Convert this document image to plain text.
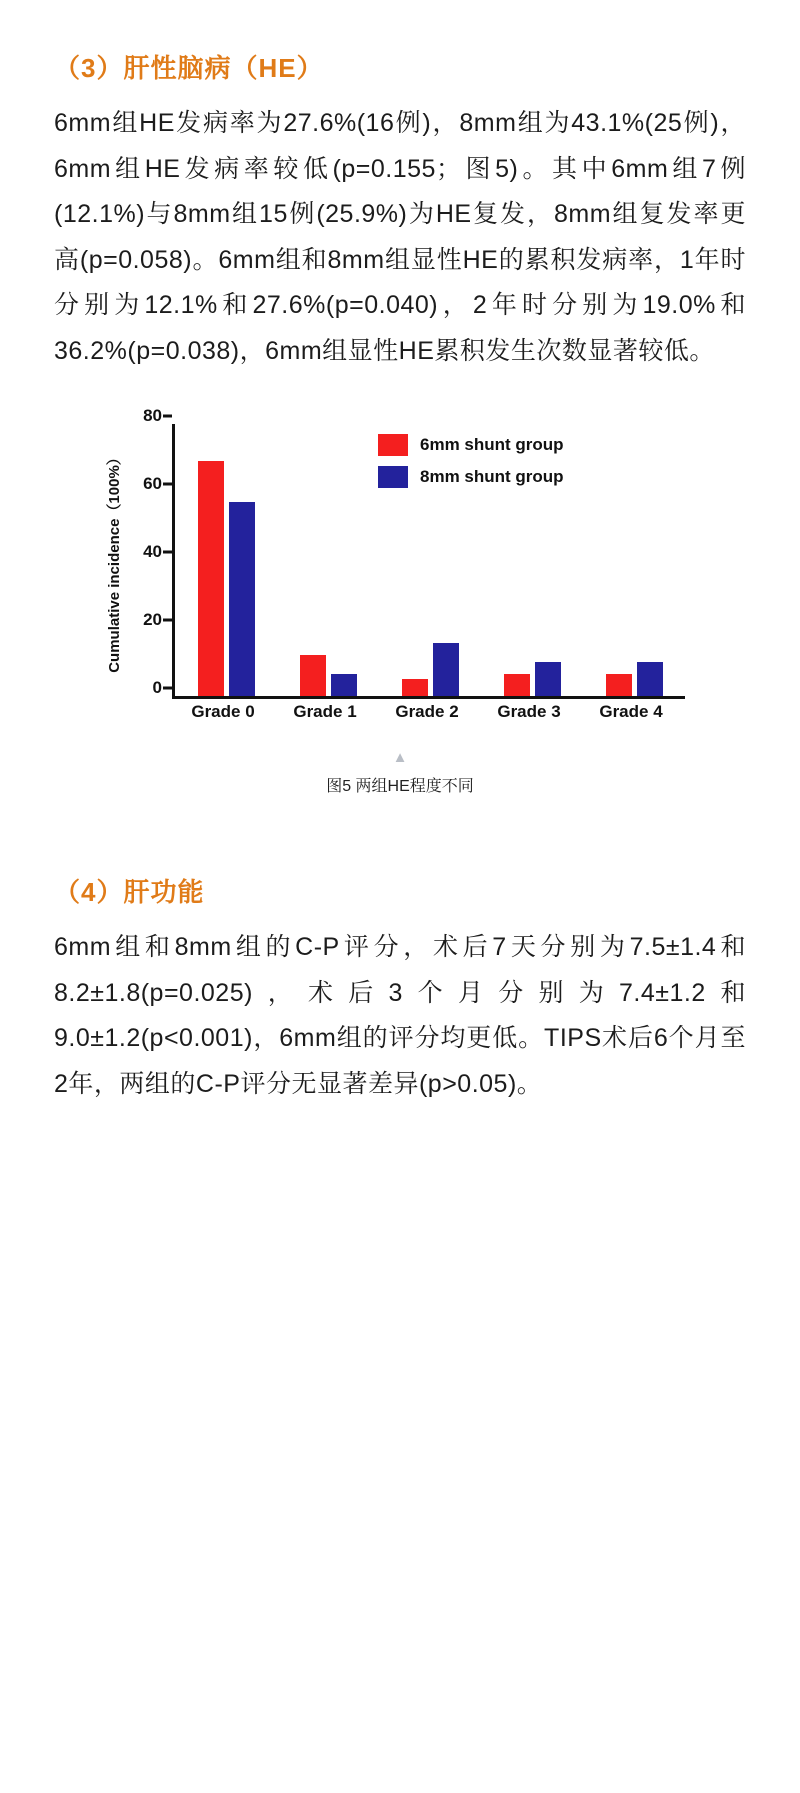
（3）肝性脑病（HE）

6mm组HE发病率为27.6%(16例)，8mm组为43.1%(25例)，6mm组HE发病率较低(p=0.155；图5)。其中6mm组7例(12.1%)与8mm组15例(25.9%)为HE复发，8mm组复发率更高(p=0.058)。6mm组和8mm组显性HE的累积发病率，1年时分别为12.1%和27.6%(p=0.040)，2年时分别为19.0%和36.2%(p=0.038)，6mm组显性HE累积发生次数显著较低。

Cumulative incidence（100%）
0
20
40
60
80
Grade 0	Grade 1	Grade 2	Grade 3	Grade 4
6mm shunt group
8mm shunt group
▲
图5 两组HE程度不同
（4）肝功能

6mm组和8mm组的C-P评分，术后7天分别为7.5±1.4和8.2±1.8(p=0.025)，术后3个月分别为7.4±1.2和9.0±1.2(p<0.001)，6mm组的评分均更低。TIPS术后6个月至2年，两组的C-P评分无显著差异(p>0.05)。
